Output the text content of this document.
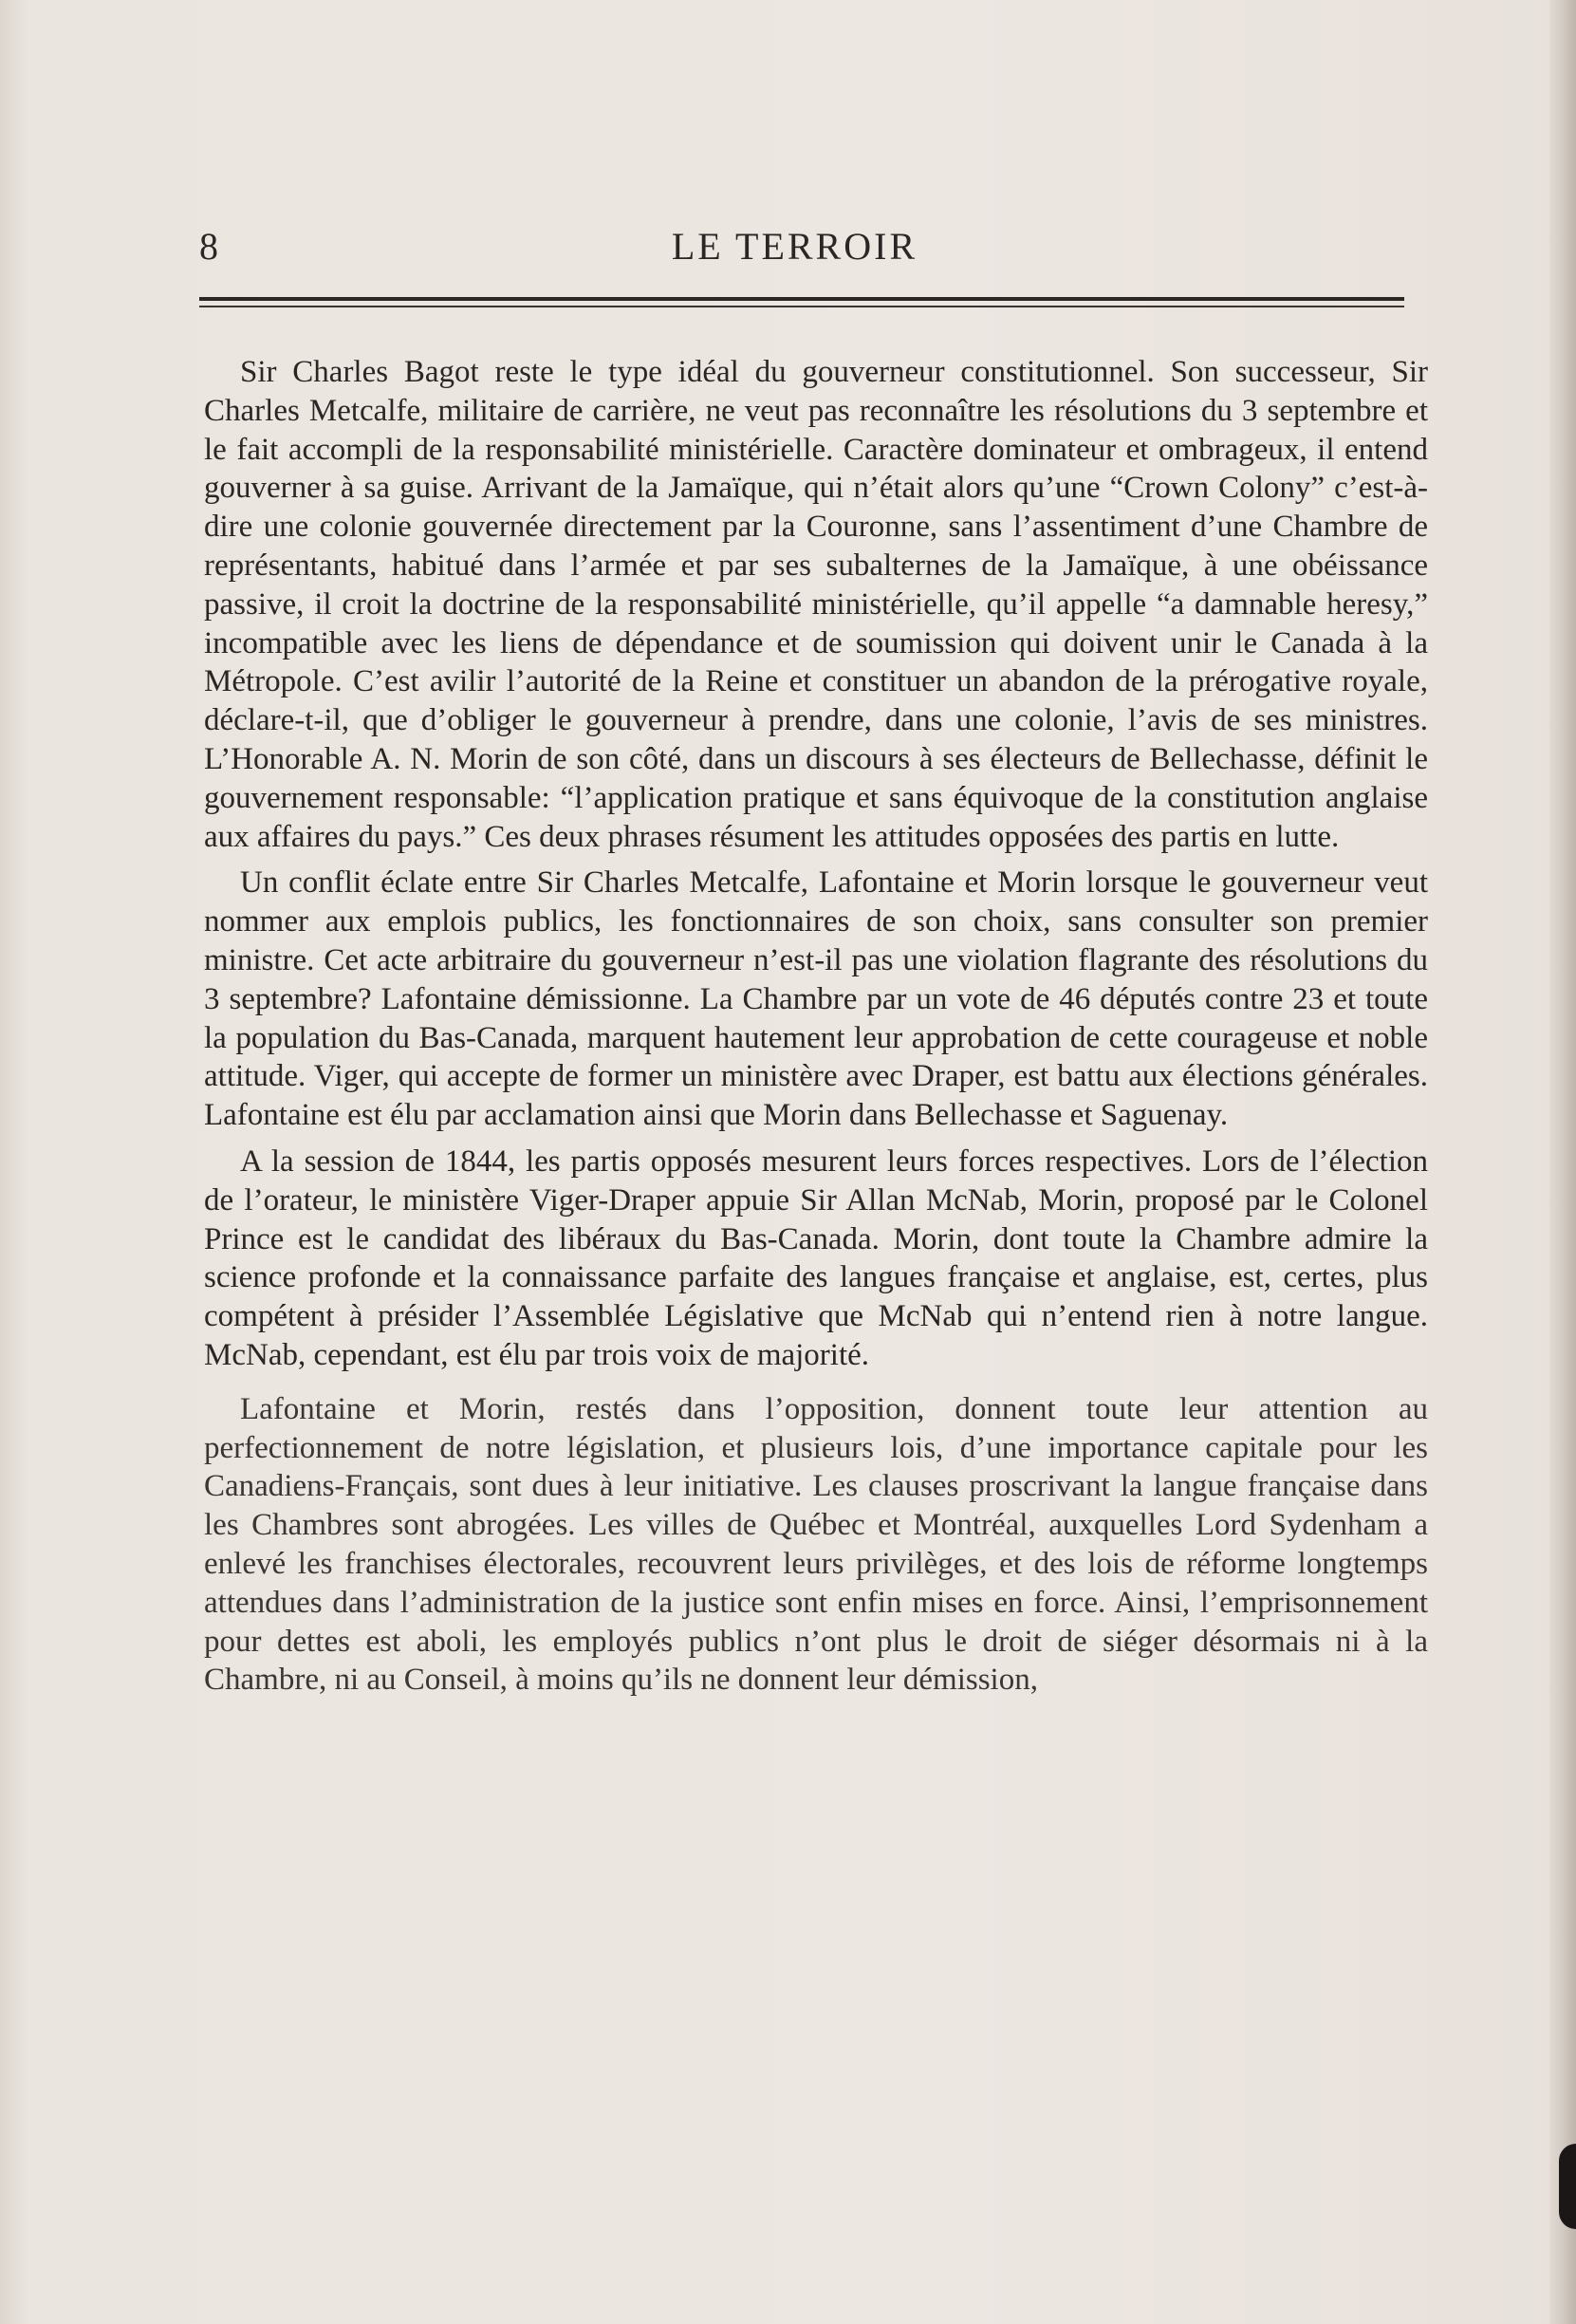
8	LE TERROIR

Sir Charles Bagot reste le type idéal du gouverneur constitutionnel. Son successeur, Sir Charles Metcalfe, militaire de carrière, ne veut pas reconnaître les résolutions du 3 septembre et le fait accompli de la responsabilité ministérielle. Caractère dominateur et ombrageux, il entend gouverner à sa guise. Arrivant de la Jamaïque, qui n’était alors qu’une “Crown Colony” c’est-à-dire une colonie gouvernée directement par la Couronne, sans l’assentiment d’une Chambre de représentants, habitué dans l’armée et par ses subalternes de la Jamaïque, à une obéissance passive, il croit la doctrine de la responsabilité ministérielle, qu’il appelle “a damnable heresy,” incompatible avec les liens de dépendance et de soumission qui doivent unir le Canada à la Métropole. C’est avilir l’autorité de la Reine et constituer un abandon de la prérogative royale, déclare-t-il, que d’obliger le gouverneur à prendre, dans une colonie, l’avis de ses ministres. L’Honorable A. N. Morin de son côté, dans un discours à ses électeurs de Bellechasse, définit le gouvernement responsable: “l’application pratique et sans équivoque de la constitution anglaise aux affaires du pays.” Ces deux phrases résument les attitudes opposées des partis en lutte.

Un conflit éclate entre Sir Charles Metcalfe, Lafontaine et Morin lorsque le gouverneur veut nommer aux emplois publics, les fonctionnaires de son choix, sans consulter son premier ministre. Cet acte arbitraire du gouverneur n’est-il pas une violation flagrante des résolutions du 3 septembre? Lafontaine démissionne. La Chambre par un vote de 46 députés contre 23 et toute la population du Bas-Canada, marquent hautement leur approbation de cette courageuse et noble attitude. Viger, qui accepte de former un ministère avec Draper, est battu aux élections générales. Lafontaine est élu par acclamation ainsi que Morin dans Bellechasse et Saguenay.

A la session de 1844, les partis opposés mesurent leurs forces respectives. Lors de l’élection de l’orateur, le ministère Viger-Draper appuie Sir Allan McNab, Morin, proposé par le Colonel Prince est le candidat des libéraux du Bas-Canada. Morin, dont toute la Chambre admire la science profonde et la connaissance parfaite des langues française et anglaise, est, certes, plus compétent à présider l’Assemblée Législative que McNab qui n’entend rien à notre langue. McNab, cependant, est élu par trois voix de majorité.

Lafontaine et Morin, restés dans l’opposition, donnent toute leur attention au perfectionnement de notre législation, et plusieurs lois, d’une importance capitale pour les Canadiens-Français, sont dues à leur initiative. Les clauses proscrivant la langue française dans les Chambres sont abrogées. Les villes de Québec et Montréal, auxquelles Lord Sydenham a enlevé les franchises électorales, recouvrent leurs privilèges, et des lois de réforme longtemps attendues dans l’administration de la justice sont enfin mises en force. Ainsi, l’emprisonnement pour dettes est aboli, les employés publics n’ont plus le droit de siéger désormais ni à la Chambre, ni au Conseil, à moins qu’ils ne donnent leur démission,
